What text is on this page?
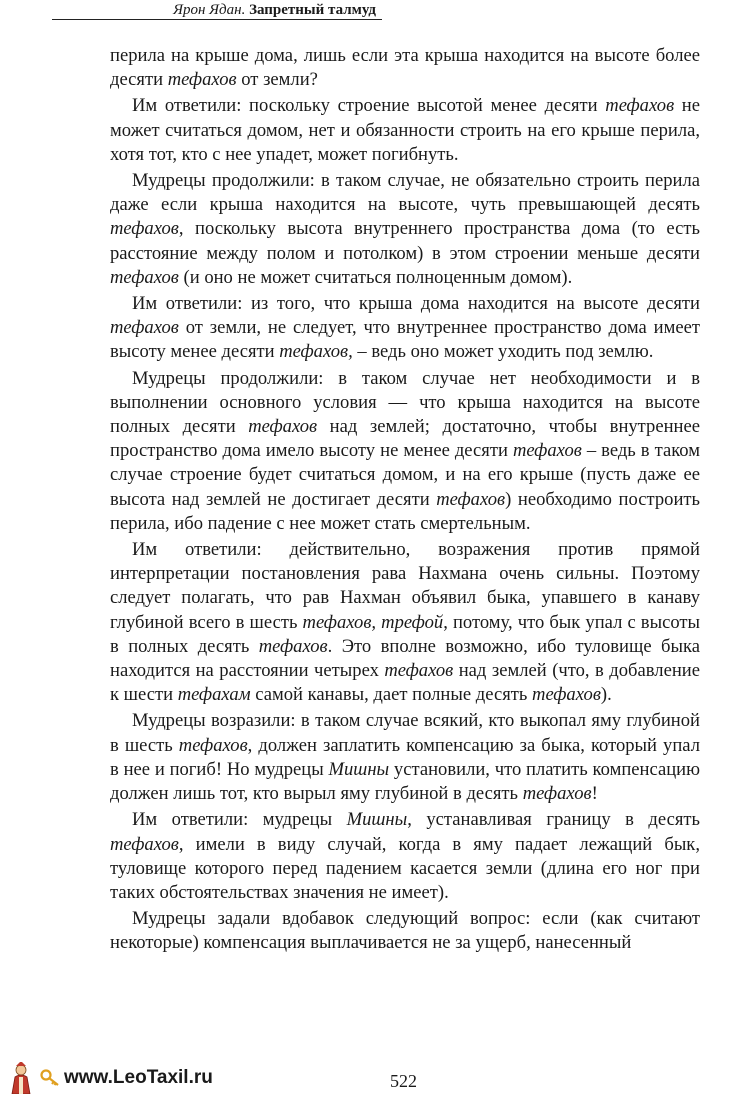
Ярон Ядан. Запретный талмуд

перила на крыше дома, лишь если эта крыша находится на высоте более десяти тефахов от земли?

Им ответили: поскольку строение высотой менее десяти тефахов не может считаться домом, нет и обязанности строить на его крыше перила, хотя тот, кто с нее упадет, может погибнуть.

Мудрецы продолжили: в таком случае, не обязательно строить перила даже если крыша находится на высоте, чуть превышающей десять тефахов, поскольку высота внутреннего пространства дома (то есть расстояние между полом и потолком) в этом строении меньше десяти тефахов (и оно не может считаться полноценным домом).

Им ответили: из того, что крыша дома находится на высоте десяти тефахов от земли, не следует, что внутреннее пространство дома имеет высоту менее десяти тефахов, – ведь оно может уходить под землю.

Мудрецы продолжили: в таком случае нет необходимости и в выполнении основного условия — что крыша находится на высоте полных десяти тефахов над землей; достаточно, чтобы внутреннее пространство дома имело высоту не менее десяти тефахов – ведь в таком случае строение будет считаться домом, и на его крыше (пусть даже ее высота над землей не достигает десяти тефахов) необходимо построить перила, ибо падение с нее может стать смертельным.

Им ответили: действительно, возражения против прямой интерпретации постановления рава Нахмана очень сильны. Поэтому следует полагать, что рав Нахман объявил быка, упавшего в канаву глубиной всего в шесть тефахов, трефой, потому, что бык упал с высоты в полных десять тефахов. Это вполне возможно, ибо туловище быка находится на расстоянии четырех тефахов над землей (что, в добавление к шести тефахам самой канавы, дает полные десять тефахов).

Мудрецы возразили: в таком случае всякий, кто выкопал яму глубиной в шесть тефахов, должен заплатить компенсацию за быка, который упал в нее и погиб! Но мудрецы Мишны установили, что платить компенсацию должен лишь тот, кто вырыл яму глубиной в десять тефахов!

Им ответили: мудрецы Мишны, устанавливая границу в десять тефахов, имели в виду случай, когда в яму падает лежащий бык, туловище которого перед падением касается земли (длина его ног при таких обстоятельствах значения не имеет).

Мудрецы задали вдобавок следующий вопрос: если (как считают некоторые) компенсация выплачивается не за ущерб, нанесенный

www.LeoTaxil.ru	522
